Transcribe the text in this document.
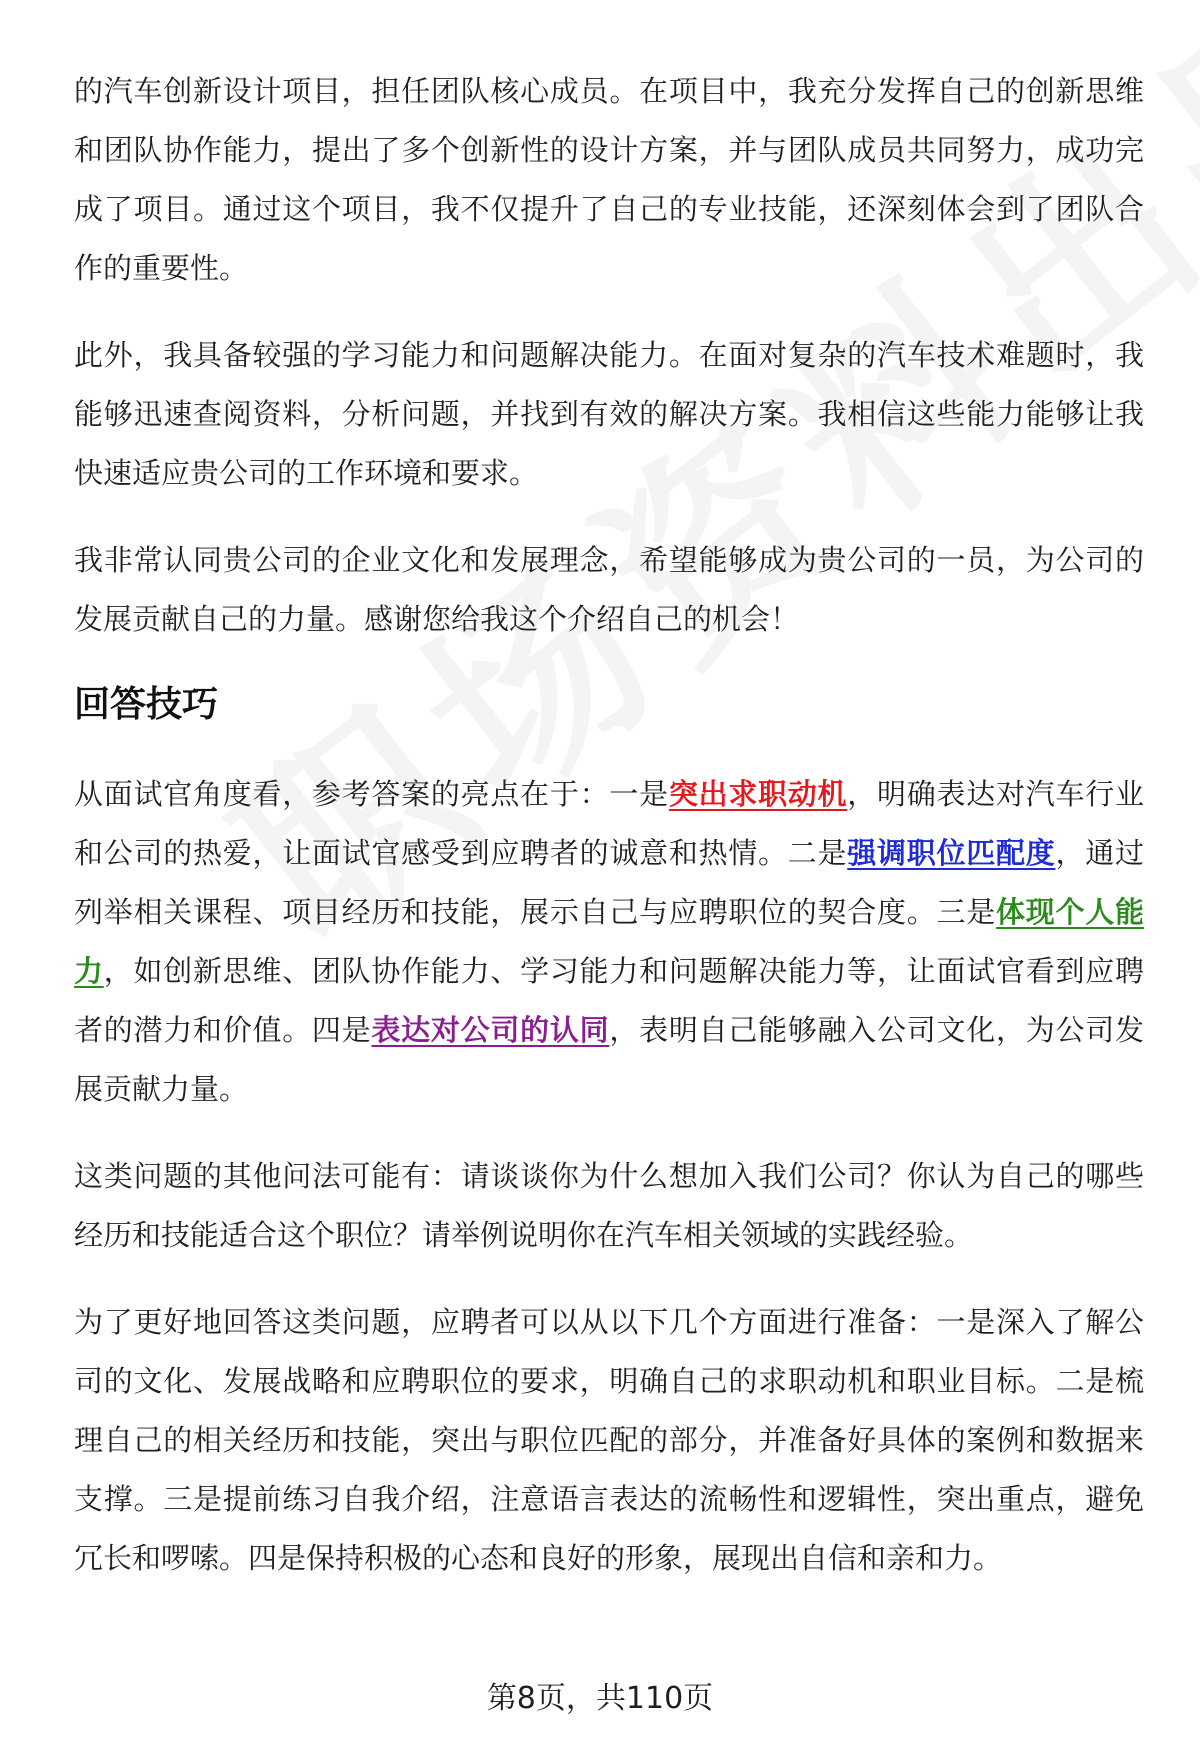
的汽车创新设计项目，担任团队核心成员。在项目中，我充分发挥自己的创新思维和团队协作能力，提出了多个创新性的设计方案，并与团队成员共同努力，成功完成了项目。通过这个项目，我不仅提升了自己的专业技能，还深刻体会到了团队合作的重要性。

此外，我具备较强的学习能力和问题解决能力。在面对复杂的汽车技术难题时，我能够迅速查阅资料，分析问题，并找到有效的解决方案。我相信这些能力能够让我快速适应贵公司的工作环境和要求。

我非常认同贵公司的企业文化和发展理念，希望能够成为贵公司的一员，为公司的发展贡献自己的力量。感谢您给我这个介绍自己的机会！

回答技巧

从面试官角度看，参考答案的亮点在于：一是突出求职动机，明确表达对汽车行业和公司的热爱，让面试官感受到应聘者的诚意和热情。二是强调职位匹配度，通过列举相关课程、项目经历和技能，展示自己与应聘职位的契合度。三是体现个人能力，如创新思维、团队协作能力、学习能力和问题解决能力等，让面试官看到应聘者的潜力和价值。四是表达对公司的认同，表明自己能够融入公司文化，为公司发展贡献力量。

这类问题的其他问法可能有：请谈谈你为什么想加入我们公司？你认为自己的哪些经历和技能适合这个职位？请举例说明你在汽车相关领域的实践经验。

为了更好地回答这类问题，应聘者可以从以下几个方面进行准备：一是深入了解公司的文化、发展战略和应聘职位的要求，明确自己的求职动机和职业目标。二是梳理自己的相关经历和技能，突出与职位匹配的部分，并准备好具体的案例和数据来支撑。三是提前练习自我介绍，注意语言表达的流畅性和逻辑性，突出重点，避免冗长和啰嗦。四是保持积极的心态和良好的形象，展现出自信和亲和力。

第8页，共110页
